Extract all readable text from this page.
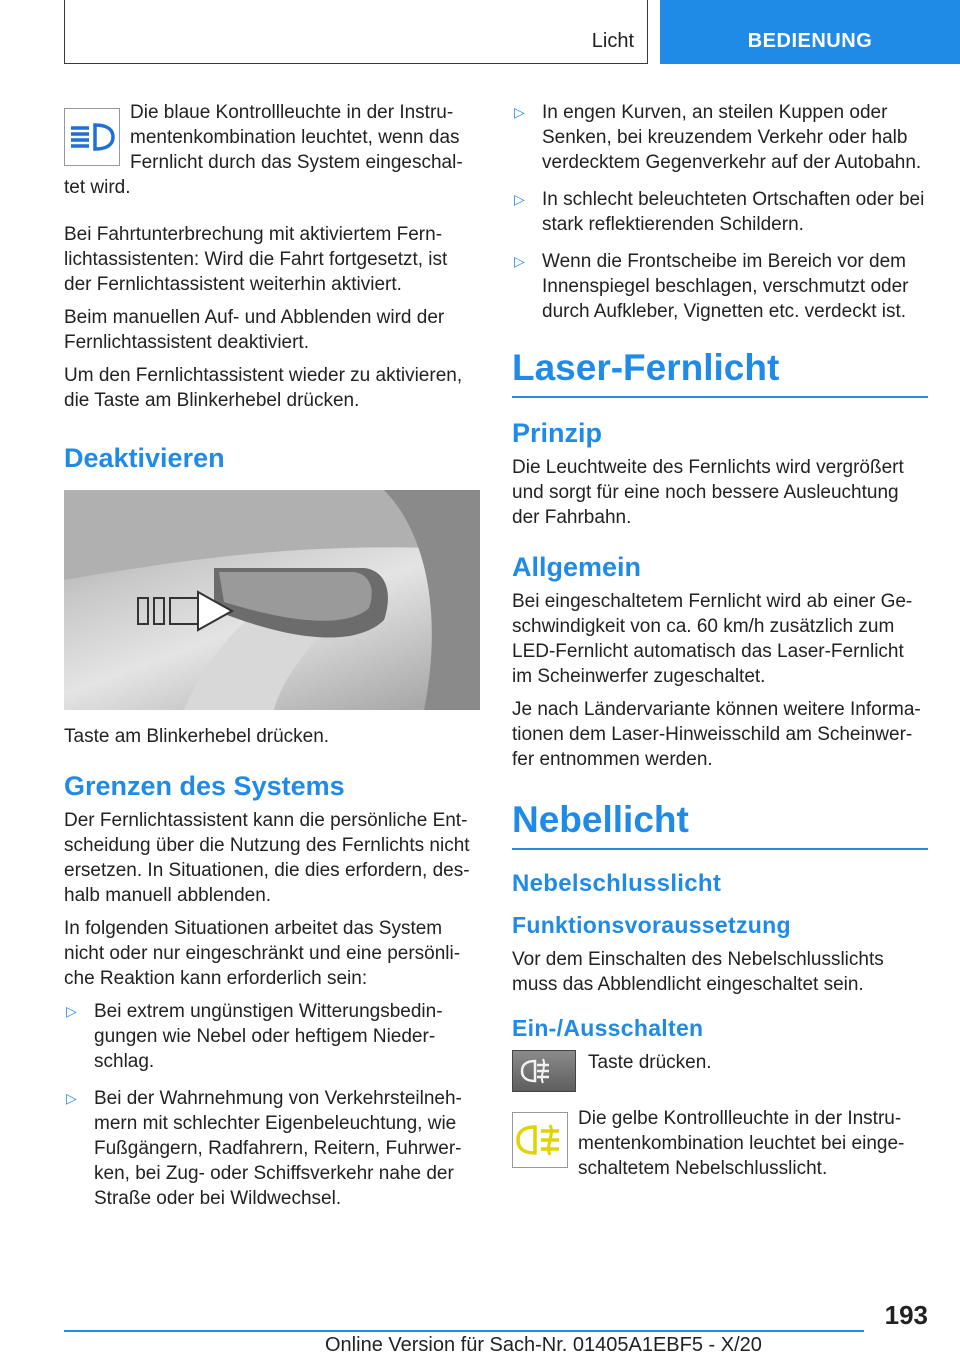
Licht	BEDIENUNG

Die blaue Kontrollleuchte in der Instru-mentenkombination leuchtet, wenn das Fernlicht durch das System eingeschal-tet wird.

Bei Fahrtunterbrechung mit aktiviertem Fern-lichtassistenten: Wird die Fahrt fortgesetzt, ist der Fernlichtassistent weiterhin aktiviert.

Beim manuellen Auf- und Abblenden wird der Fernlichtassistent deaktiviert.

Um den Fernlichtassistent wieder zu aktivieren, die Taste am Blinkerhebel drücken.

Deaktivieren

Taste am Blinkerhebel drücken.

Grenzen des Systems

Der Fernlichtassistent kann die persönliche Ent-scheidung über die Nutzung des Fernlichts nicht ersetzen. In Situationen, die dies erfordern, des-halb manuell abblenden.

In folgenden Situationen arbeitet das System nicht oder nur eingeschränkt und eine persönli-che Reaktion kann erforderlich sein:

▷ Bei extrem ungünstigen Witterungsbedin-gungen wie Nebel oder heftigem Nieder-schlag.
▷ Bei der Wahrnehmung von Verkehrsteilneh-mern mit schlechter Eigenbeleuchtung, wie Fußgängern, Radfahrern, Reitern, Fuhrwer-ken, bei Zug- oder Schiffsverkehr nahe der Straße oder bei Wildwechsel.
▷ In engen Kurven, an steilen Kuppen oder Senken, bei kreuzendem Verkehr oder halb verdecktem Gegenverkehr auf der Autobahn.
▷ In schlecht beleuchteten Ortschaften oder bei stark reflektierenden Schildern.
▷ Wenn die Frontscheibe im Bereich vor dem Innenspiegel beschlagen, verschmutzt oder durch Aufkleber, Vignetten etc. verdeckt ist.
Laser-Fernlicht
Prinzip

Die Leuchtweite des Fernlichts wird vergrößert und sorgt für eine noch bessere Ausleuchtung der Fahrbahn.

Allgemein

Bei eingeschaltetem Fernlicht wird ab einer Ge-schwindigkeit von ca. 60 km/h zusätzlich zum LED-Fernlicht automatisch das Laser-Fernlicht im Scheinwerfer zugeschaltet.

Je nach Ländervariante können weitere Informa-tionen dem Laser-Hinweisschild am Scheinwer-fer entnommen werden.

Nebellicht
Nebelschlusslicht
Funktionsvoraussetzung

Vor dem Einschalten des Nebelschlusslichts muss das Abblendlicht eingeschaltet sein.

Ein-/Ausschalten

Taste drücken.

Die gelbe Kontrollleuchte in der Instru-mentenkombination leuchtet bei einge-schaltetem Nebelschlusslicht.

193
Online Version für Sach-Nr. 01405A1EBF5 - X/20
